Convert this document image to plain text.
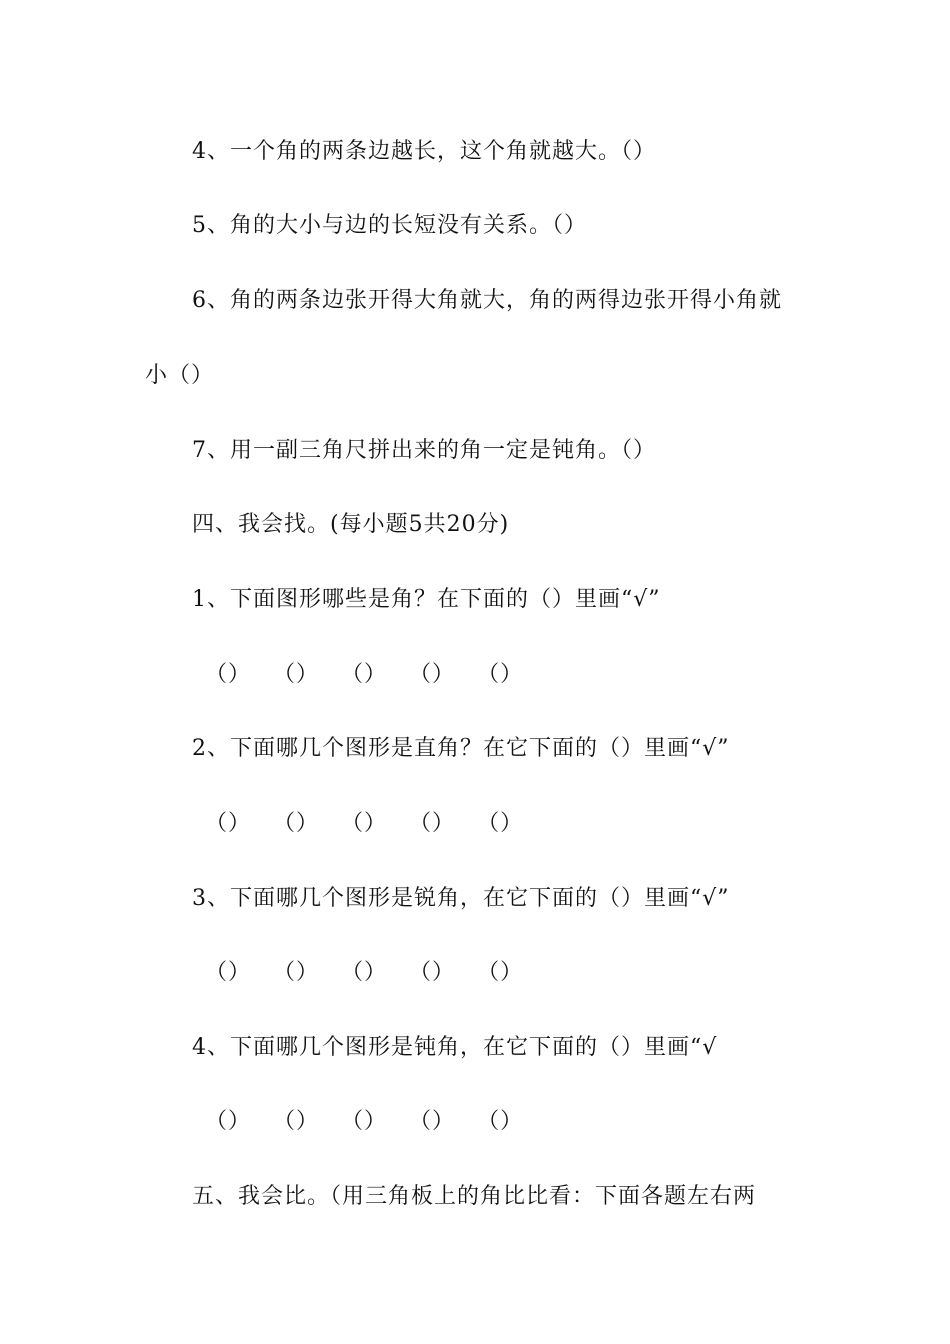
4、一个角的两条边越长，这个角就越大。（）
5、角的大小与边的长短没有关系。（）
6、角的两条边张开得大角就大，角的两得边张开得小角就
小（）
7、用一副三角尺拼出来的角一定是钝角。（）
四、我会找。(每小题5共20分)
1、下面图形哪些是角？在下面的（）里画“√”
（） （） （） （） （）
2、下面哪几个图形是直角？在它下面的（）里画“√”
（） （） （） （） （）
3、下面哪几个图形是锐角，在它下面的（）里画“√”
（） （） （） （） （）
4、下面哪几个图形是钝角，在它下面的（）里画“√
（） （） （） （） （）
五、我会比。（用三角板上的角比比看：下面各题左右两
